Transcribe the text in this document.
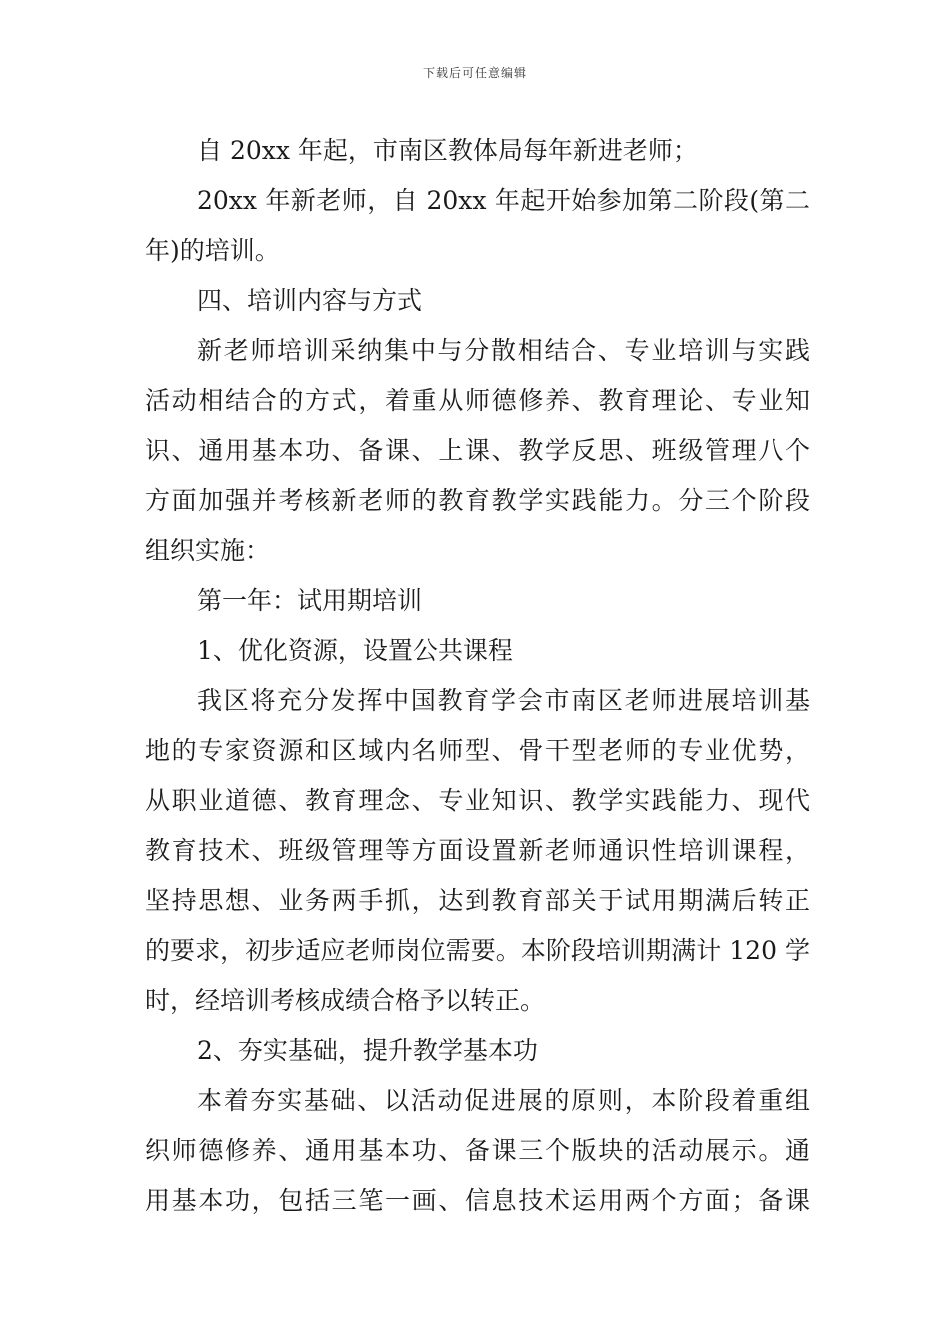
下载后可任意编辑
自 20xx 年起，市南区教体局每年新进老师；
20xx 年新老师，自 20xx 年起开始参加第二阶段(第二
年)的培训。
四、培训内容与方式
新老师培训采纳集中与分散相结合、专业培训与实践
活动相结合的方式，着重从师德修养、教育理论、专业知
识、通用基本功、备课、上课、教学反思、班级管理八个
方面加强并考核新老师的教育教学实践能力。分三个阶段
组织实施：
第一年：试用期培训
1、优化资源，设置公共课程
我区将充分发挥中国教育学会市南区老师进展培训基
地的专家资源和区域内名师型、骨干型老师的专业优势，
从职业道德、教育理念、专业知识、教学实践能力、现代
教育技术、班级管理等方面设置新老师通识性培训课程，
坚持思想、业务两手抓，达到教育部关于试用期满后转正
的要求，初步适应老师岗位需要。本阶段培训期满计 120 学
时，经培训考核成绩合格予以转正。
2、夯实基础，提升教学基本功
本着夯实基础、以活动促进展的原则，本阶段着重组
织师德修养、通用基本功、备课三个版块的活动展示。通
用基本功，包括三笔一画、信息技术运用两个方面；备课
